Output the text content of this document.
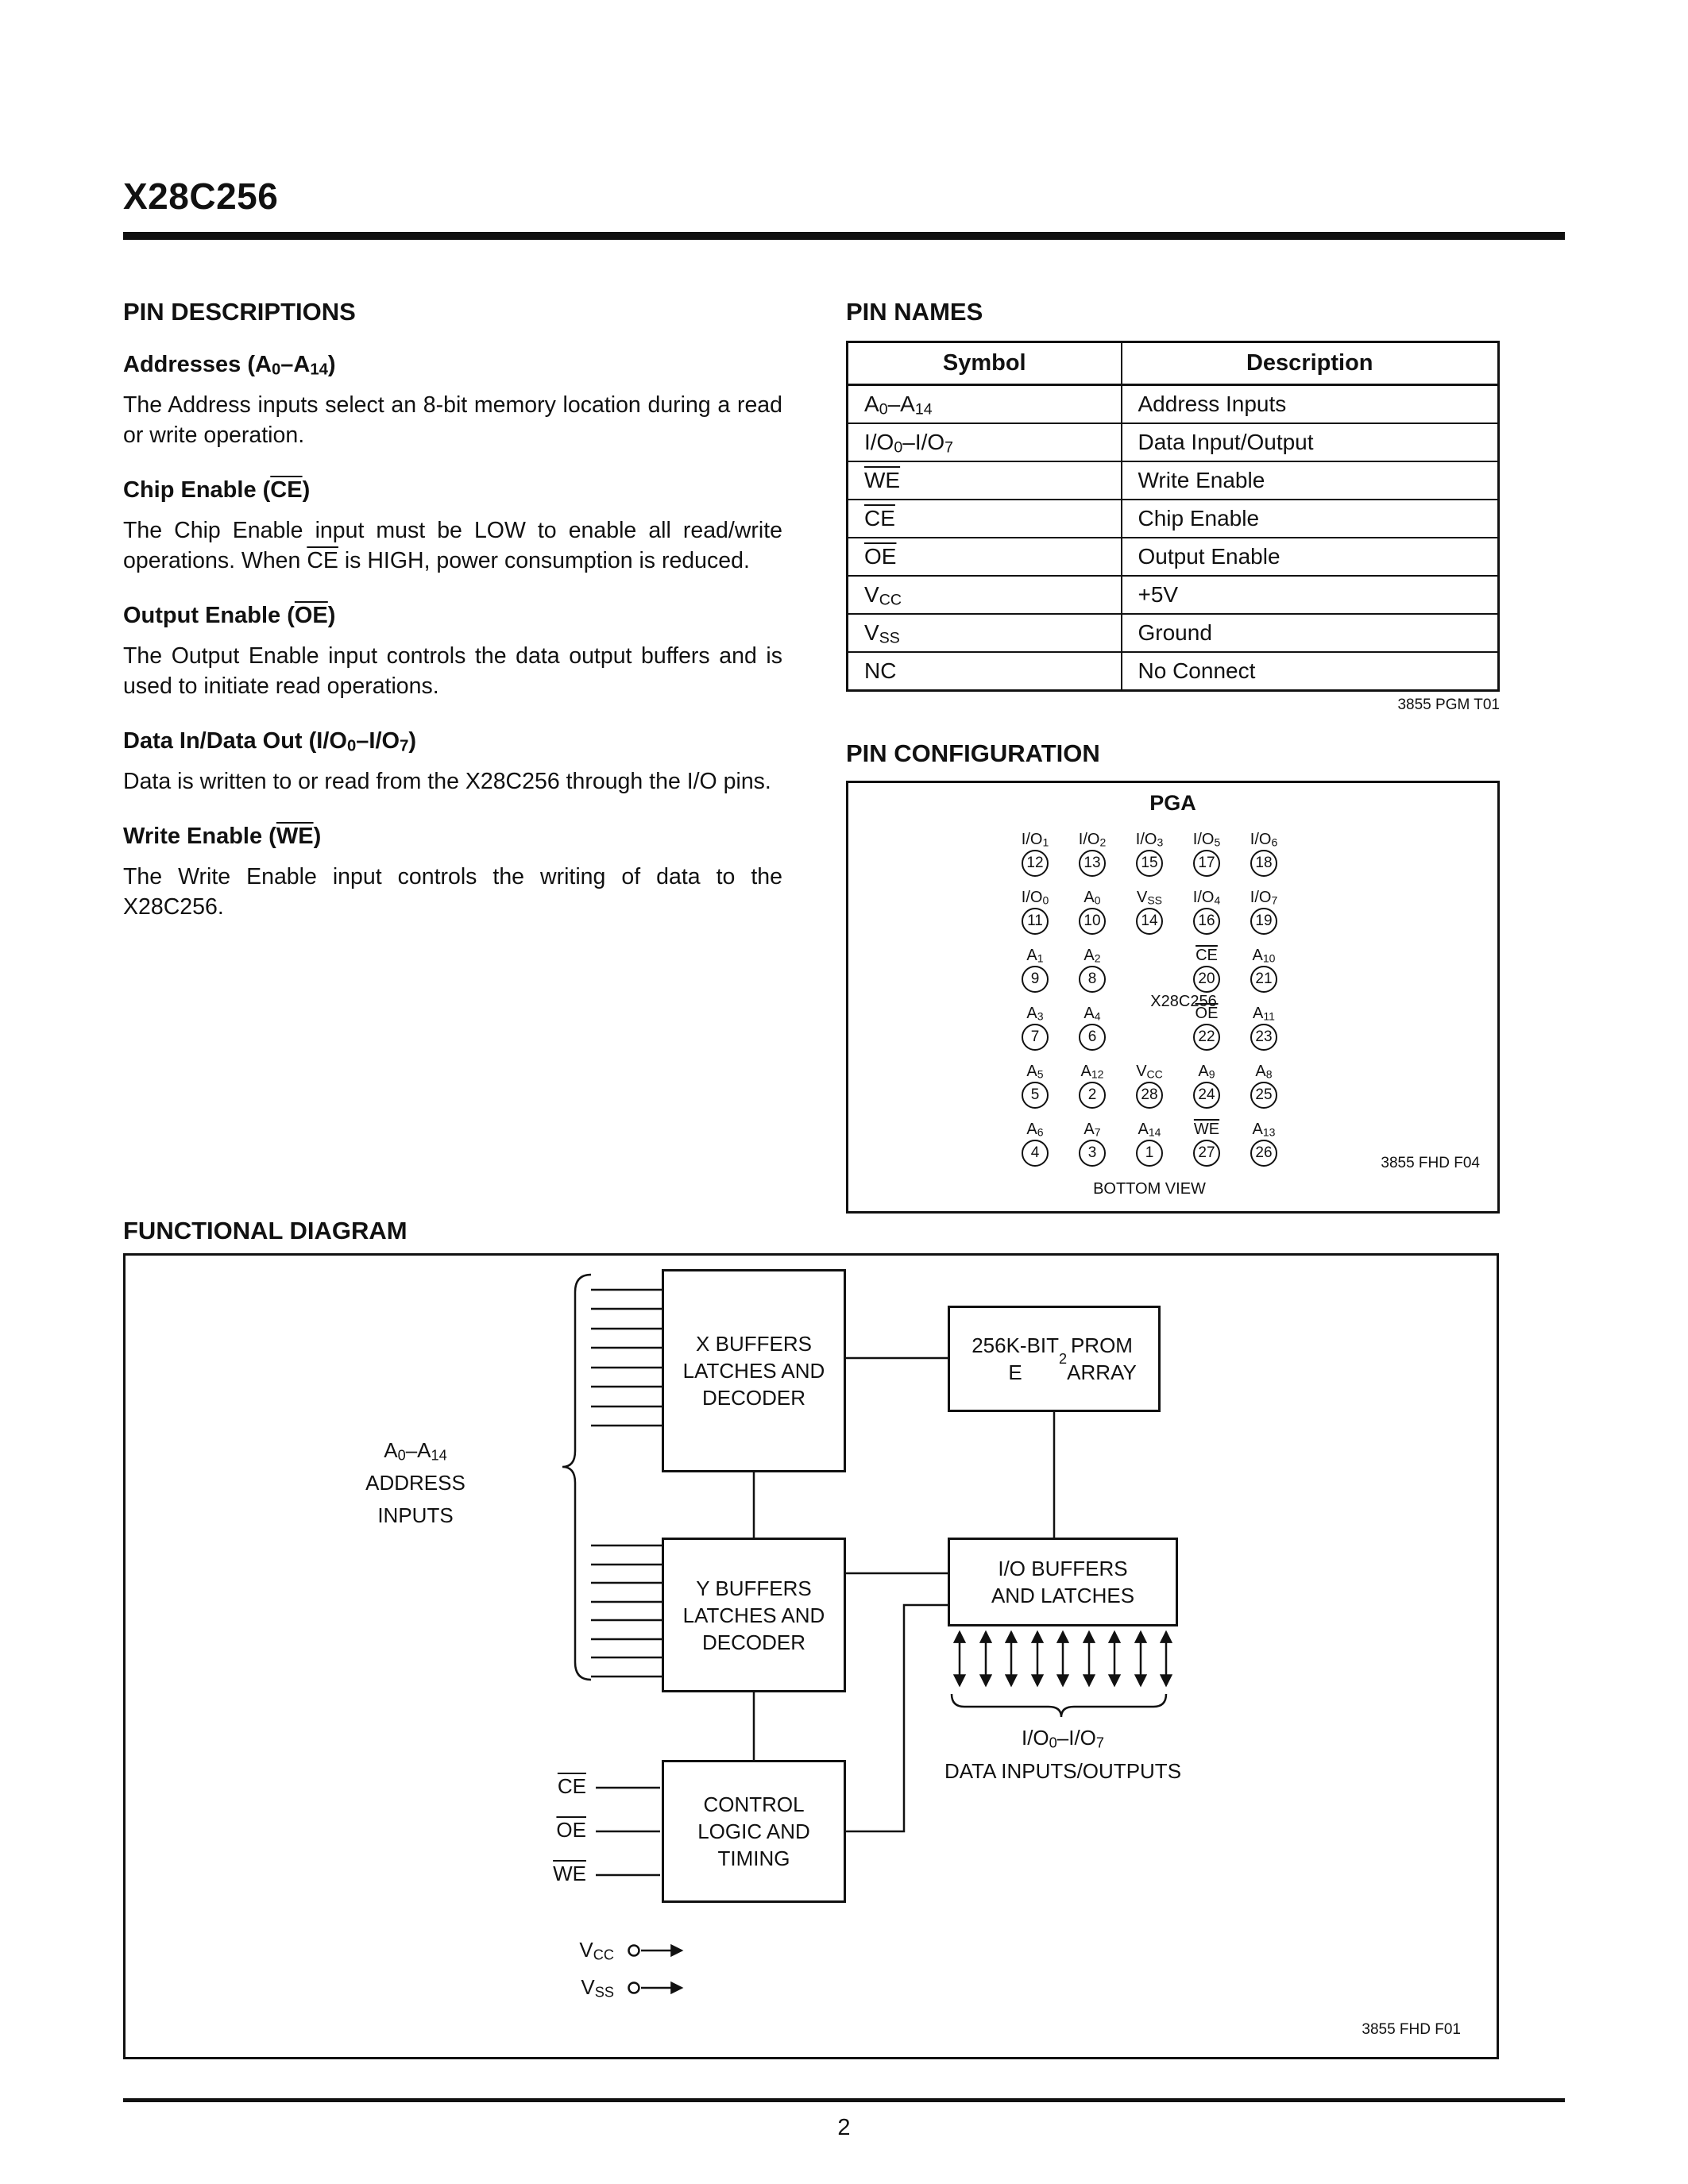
X28C256
PIN DESCRIPTIONS
Addresses $(A_0-A_{14})$

The Address inputs select an 8-bit memory location during a read or write operation.

Chip Enable (CE)

The Chip Enable input must be LOW to enable all read/write operations. When $\overline{CE}$ is HIGH, power consumption is reduced.

Output Enable (OE)

The Output Enable input controls the data output buffers and is used to initiate read operations.

Data In/Data Out $(I/O_0-I/O_7)$

Data is written to or read from the X28C256 through the I/O pins.

Write Enable (WE)

The Write Enable input controls the writing of data to the X28C256.

PIN NAMES
Symbol	Description
$A_0-A_{14}$	Address Inputs
$I/O_0-I/O_7$	Data Input/Output
$\overline{WE}$	Write Enable
$\overline{CE}$	Chip Enable
$\overline{OE}$	Output Enable
$V_{CC}$	+5V
$V_{SS}$	Ground
NC	No Connect
3855 PGM T01
PIN CONFIGURATION
PGA
$I/O_1$
12
$I/O_2$
13
$I/O_3$
15
$I/O_5$
17
$I/O_6$
18
$I/O_0$
11
$A_0$
10
$V_{SS}$
14
$I/O_4$
16
$I/O_7$
19
$A_1$
9
$A_2$
8
$\overline{CE}$
20
$A_{10}$
21
$A_3$
7
$A_4$
6
$\overline{OE}$
22
$A_{11}$
23
$A_5$
5
$A_{12}$
2
$V_{CC}$
28
$A_9$
24
$A_8$
25
$A_6$
4
$A_7$
3
$A_{14}$
1
$\overline{WE}$
27
$A_{13}$
26
X28C256
BOTTOM VIEW
3855 FHD F04
FUNCTIONAL DIAGRAM
X BUFFERS
LATCHES AND
DECODER
256K-BIT
E
2
PROM
ARRAY
Y BUFFERS
LATCHES AND
DECODER
I/O BUFFERS
AND LATCHES
CONTROL
LOGIC AND
TIMING
$A_0-A_{14}$
ADDRESS
INPUTS
$\overline{CE}$
$\overline{OE}$
$\overline{WE}$
$V_{CC}$
$V_{SS}$
$I/O_0-I/O_7$
DATA INPUTS/OUTPUTS
3855 FHD F01
2
